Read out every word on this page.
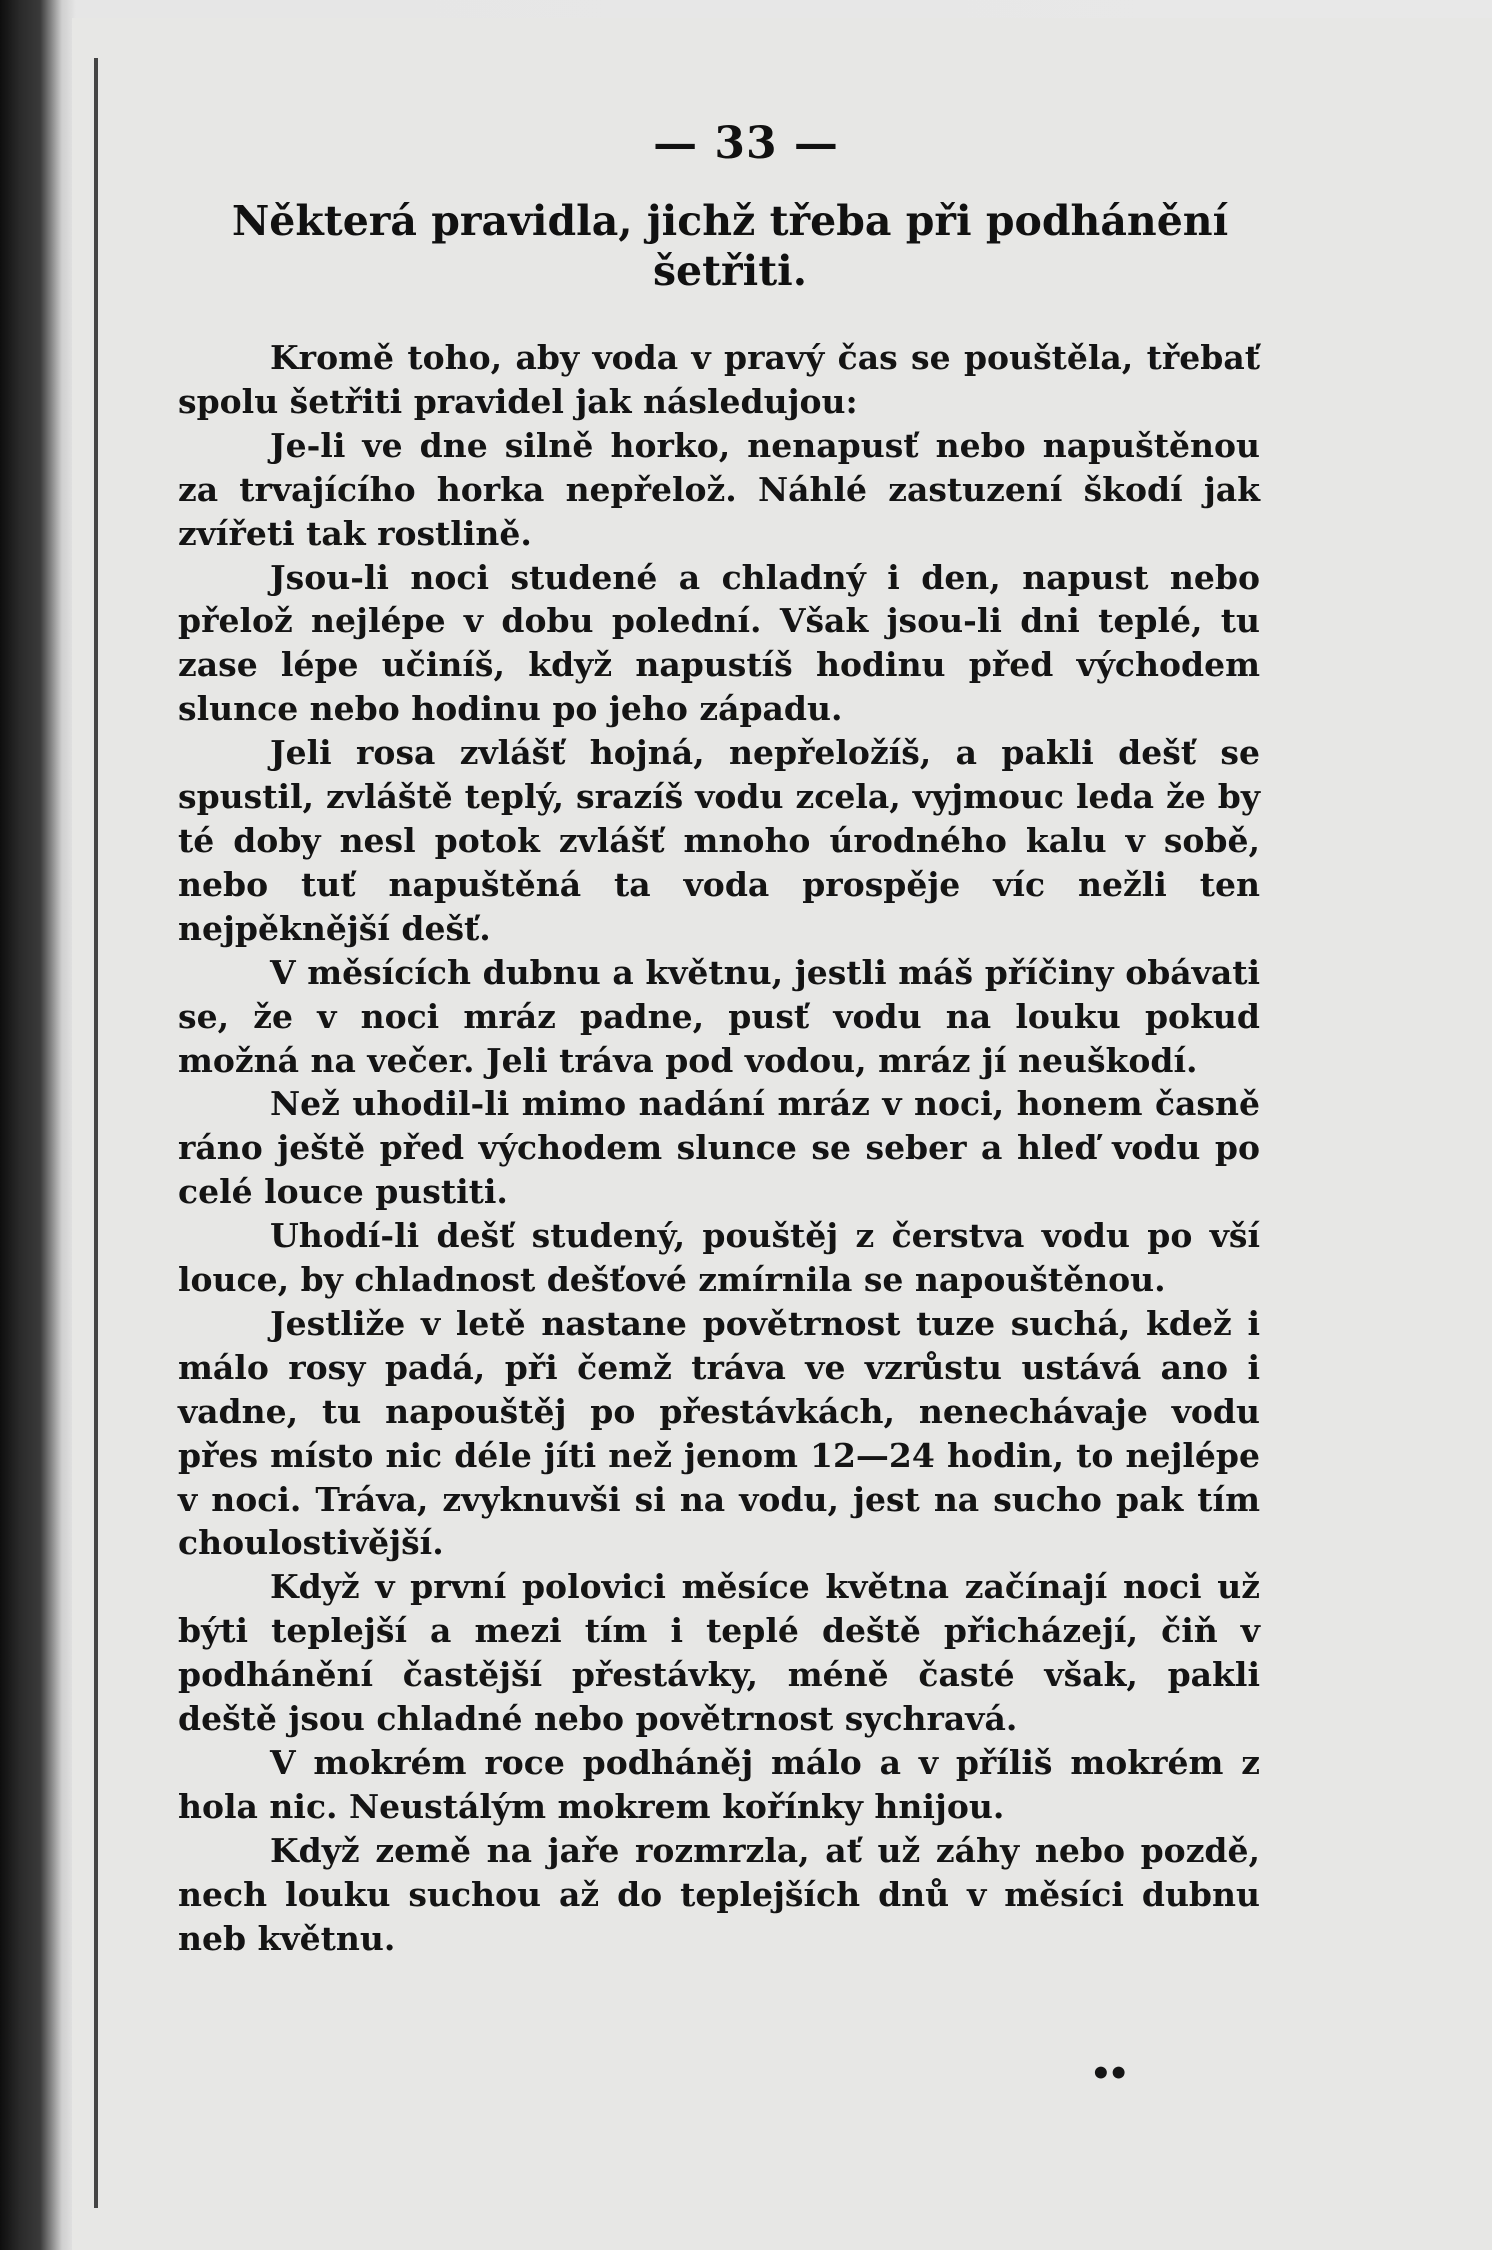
— 33 —
Některá pravidla, jichž třeba při podhánění šetřiti.

Kromě toho, aby voda v pravý čas se pouštěla, třebať spolu šetřiti pravidel jak následujou:

Je-li ve dne silně horko, nenapusť nebo napuštěnou za trvajícího horka nepřelož. Náhlé zastuzení škodí jak zvířeti tak rostlině.

Jsou-li noci studené a chladný i den, napust nebo přelož nejlépe v dobu polední. Však jsou-li dni teplé, tu zase lépe učiníš, když napustíš hodinu před východem slunce nebo hodinu po jeho západu.

Jeli rosa zvlášť hojná, nepřeložíš, a pakli dešť se spustil, zvláště teplý, srazíš vodu zcela, vyjmouc leda že by té doby nesl potok zvlášť mnoho úrodného kalu v sobě, nebo tuť napuštěná ta voda prospěje víc nežli ten nejpěknější dešť.

V měsících dubnu a květnu, jestli máš příčiny obávati se, že v noci mráz padne, pusť vodu na louku pokud možná na večer. Jeli tráva pod vodou, mráz jí neuškodí.

Než uhodil-li mimo nadání mráz v noci, honem časně ráno ještě před východem slunce se seber a hleď vodu po celé louce pustiti.

Uhodí-li dešť studený, pouštěj z čerstva vodu po vší louce, by chladnost dešťové zmírnila se napouštěnou.

Jestliže v letě nastane povětrnost tuze suchá, kdež i málo rosy padá, při čemž tráva ve vzrůstu ustává ano i vadne, tu napouštěj po přestávkách, nenechávaje vodu přes místo nic déle jíti než jenom 12—24 hodin, to nejlépe v noci. Tráva, zvyknuvši si na vodu, jest na sucho pak tím choulostivější.

Když v první polovici měsíce května začínají noci už býti teplejší a mezi tím i teplé deště přicházejí, čiň v podhánění častější přestávky, méně časté však, pakli deště jsou chladné nebo povětrnost sychravá.

V mokrém roce podháněj málo a v příliš mokrém z hola nic. Neustálým mokrem kořínky hnijou.

Když země na jaře rozmrzla, ať už záhy nebo pozdě, nech louku suchou až do teplejších dnů v měsíci dubnu neb květnu.

••
